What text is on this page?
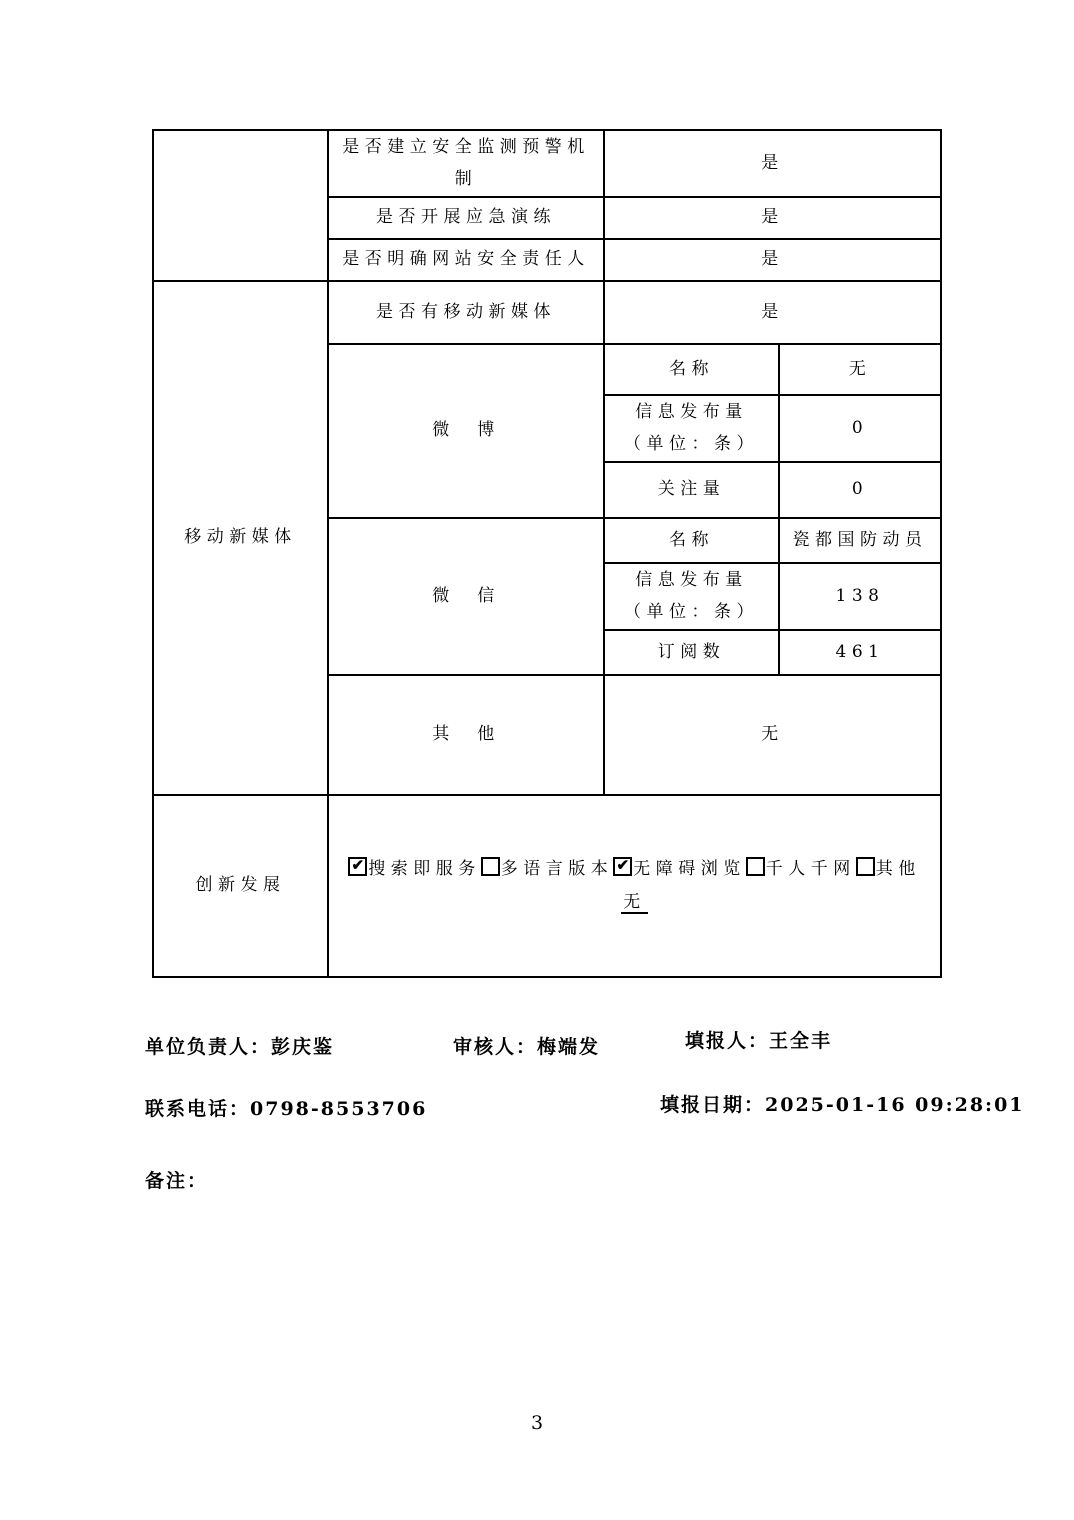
	是否建立安全监测预警机制	是	
	是否开展应急演练	是	
	是否明确网站安全责任人	是	
移动新媒体	是否有移动新媒体	是	
	微　博	名称	无

		信息发布量
（单位：条）	0
		关注量	0
	微　信	名称	瓷都国防动员

		信息发布量
（单位：条）	138
		订阅数	461
	其　他	无	
创新发展	
✔搜索即服务 多语言版本 ✔ 无障碍浏览 千人千网 其他
无
单位负责人：彭庆鉴	审核人：梅端发	填报人：王全丰
联系电话：0798-8553706	填报日期：2025-01-16 09:28:01
备注：
3
